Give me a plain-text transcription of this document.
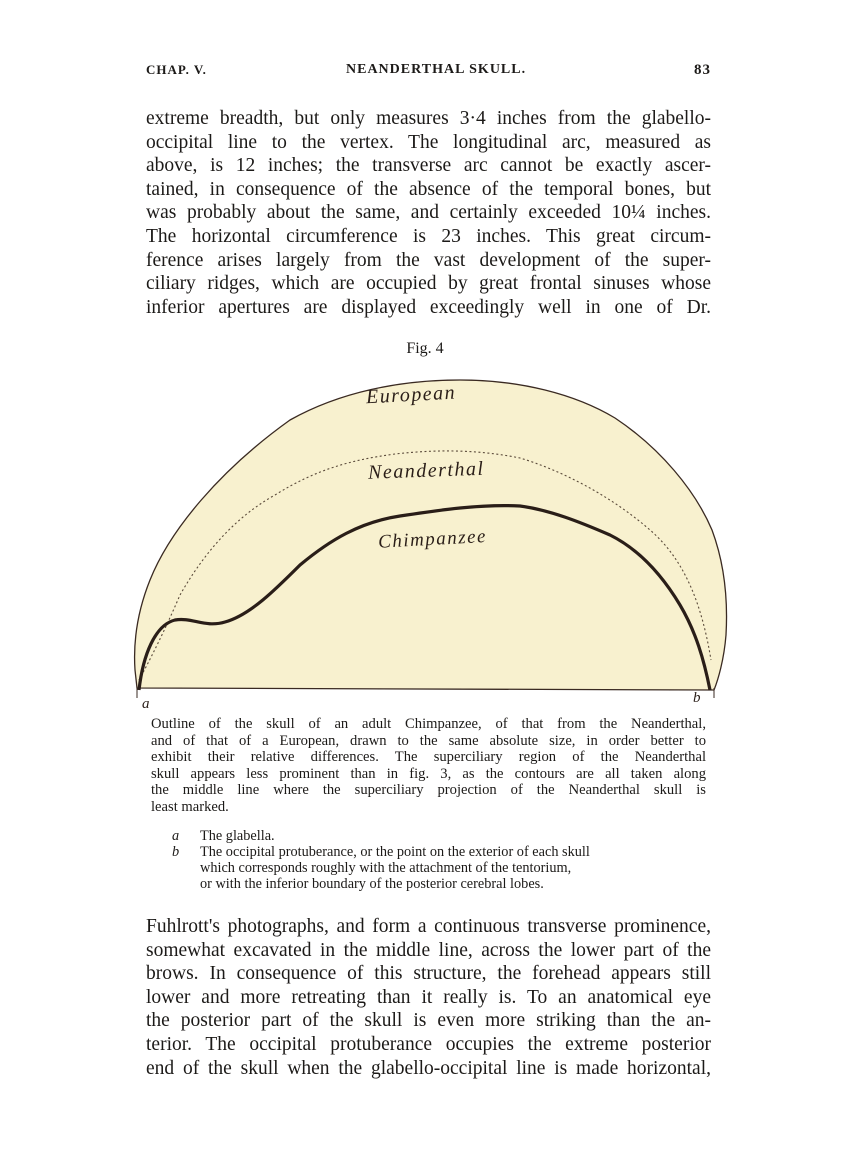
CHAP. V.	NEANDERTHAL SKULL.	83

extreme breadth, but only measures 3·4 inches from the glabello-
occipital line to the vertex. The longitudinal arc, measured as
above, is 12 inches; the transverse arc cannot be exactly ascer-
tained, in consequence of the absence of the temporal bones, but
was probably about the same, and certainly exceeded 10¼ inches.
The horizontal circumference is 23 inches. This great circum-
ference arises largely from the vast development of the super-
ciliary ridges, which are occupied by great frontal sinuses whose
inferior apertures are displayed exceedingly well in one of Dr.

Fig. 4
European
Neanderthal
Chimpanzee
a	b

Outline of the skull of an adult Chimpanzee, of that from the Neanderthal,
and of that of a European, drawn to the same absolute size, in order better to
exhibit their relative differences. The superciliary region of the Neanderthal
skull appears less prominent than in fig. 3, as the contours are all taken along
the middle line where the superciliary projection of the Neanderthal skull is
least marked.

a	The glabella.
b	The occipital protuberance, or the point on the exterior of each skull
which corresponds roughly with the attachment of the tentorium,
or with the inferior boundary of the posterior cerebral lobes.

Fuhlrott's photographs, and form a continuous transverse prominence,
somewhat excavated in the middle line, across the lower part of the
brows. In consequence of this structure, the forehead appears still
lower and more retreating than it really is. To an anatomical eye
the posterior part of the skull is even more striking than the an-
terior. The occipital protuberance occupies the extreme posterior
end of the skull when the glabello-occipital line is made horizontal,
